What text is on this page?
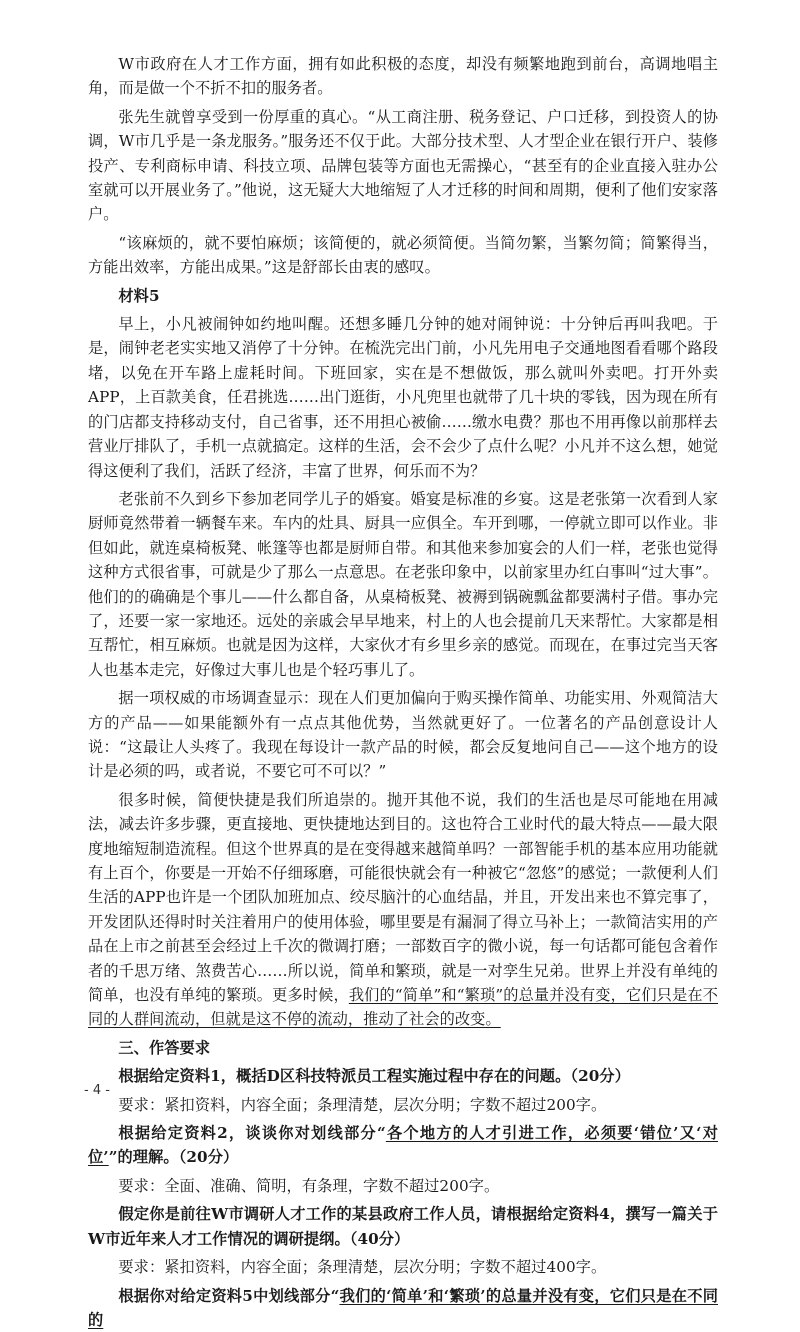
W市政府在人才工作方面，拥有如此积极的态度，却没有频繁地跑到前台，高调地唱主角，而是做一个不折不扣的服务者。

张先生就曾享受到一份厚重的真心。“从工商注册、税务登记、户口迁移，到投资人的协调，W市几乎是一条龙服务。”服务还不仅于此。大部分技术型、人才型企业在银行开户、装修投产、专利商标申请、科技立项、品牌包装等方面也无需操心，“甚至有的企业直接入驻办公室就可以开展业务了。”他说，这无疑大大地缩短了人才迁移的时间和周期，便利了他们安家落户。

“该麻烦的，就不要怕麻烦；该简便的，就必须简便。当简勿繁，当繁勿简；简繁得当，方能出效率，方能出成果。”这是舒部长由衷的感叹。

材料5

早上，小凡被闹钟如约地叫醒。还想多睡几分钟的她对闹钟说：十分钟后再叫我吧。于是，闹钟老老实实地又消停了十分钟。在梳洗完出门前，小凡先用电子交通地图看看哪个路段堵，以免在开车路上虚耗时间。下班回家，实在是不想做饭，那么就叫外卖吧。打开外卖APP，上百款美食，任君挑选……出门逛街，小凡兜里也就带了几十块的零钱，因为现在所有的门店都支持移动支付，自己省事，还不用担心被偷……缴水电费？那也不用再像以前那样去营业厅排队了，手机一点就搞定。这样的生活，会不会少了点什么呢？小凡并不这么想，她觉得这便利了我们，活跃了经济，丰富了世界，何乐而不为？

老张前不久到乡下参加老同学儿子的婚宴。婚宴是标准的乡宴。这是老张第一次看到人家厨师竟然带着一辆餐车来。车内的灶具、厨具一应俱全。车开到哪，一停就立即可以作业。非但如此，就连桌椅板凳、帐篷等也都是厨师自带。和其他来参加宴会的人们一样，老张也觉得这种方式很省事，可就是少了那么一点意思。在老张印象中，以前家里办红白事叫“过大事”。他们的的确确是个事儿——什么都自备，从桌椅板凳、被褥到锅碗瓢盆都要满村子借。事办完了，还要一家一家地还。远处的亲戚会早早地来，村上的人也会提前几天来帮忙。大家都是相互帮忙，相互麻烦。也就是因为这样，大家伙才有乡里乡亲的感觉。而现在，在事过完当天客人也基本走完，好像过大事儿也是个轻巧事儿了。

据一项权威的市场调查显示：现在人们更加偏向于购买操作简单、功能实用、外观简洁大方的产品——如果能额外有一点点其他优势，当然就更好了。一位著名的产品创意设计人说：“这最让人头疼了。我现在每设计一款产品的时候，都会反复地问自己——这个地方的设计是必须的吗，或者说，不要它可不可以？”

很多时候，简便快捷是我们所追崇的。抛开其他不说，我们的生活也是尽可能地在用减法，减去许多步骤，更直接地、更快捷地达到目的。这也符合工业时代的最大特点——最大限度地缩短制造流程。但这个世界真的是在变得越来越简单吗？一部智能手机的基本应用功能就有上百个，你要是一开始不仔细琢磨，可能很快就会有一种被它“忽悠”的感觉；一款便利人们生活的APP也许是一个团队加班加点、绞尽脑汁的心血结晶，并且，开发出来也不算完事了，开发团队还得时时关注着用户的使用体验，哪里要是有漏洞了得立马补上；一款简洁实用的产品在上市之前甚至会经过上千次的微调打磨；一部数百字的微小说，每一句话都可能包含着作者的千思万绪、煞费苦心……所以说，简单和繁琐，就是一对孪生兄弟。世界上并没有单纯的简单，也没有单纯的繁琐。更多时候，我们的“简单”和“繁琐”的总量并没有变，它们只是在不同的人群间流动，但就是这不停的流动，推动了社会的改变。

三、作答要求

根据给定资料1，概括D区科技特派员工程实施过程中存在的问题。（20分）

要求：紧扣资料，内容全面；条理清楚，层次分明；字数不超过200字。

根据给定资料2，谈谈你对划线部分“各个地方的人才引进工作，必须要‘错位’又‘对位’”的理解。（20分）

要求：全面、准确、简明，有条理，字数不超过200字。

假定你是前往W市调研人才工作的某县政府工作人员，请根据给定资料4，撰写一篇关于W市近年来人才工作情况的调研提纲。（40分）

要求：紧扣资料，内容全面；条理清楚，层次分明；字数不超过400字。

根据你对给定资料5中划线部分“我们的‘简单’和‘繁琐’的总量并没有变，它们只是在不同的

- 4 -
